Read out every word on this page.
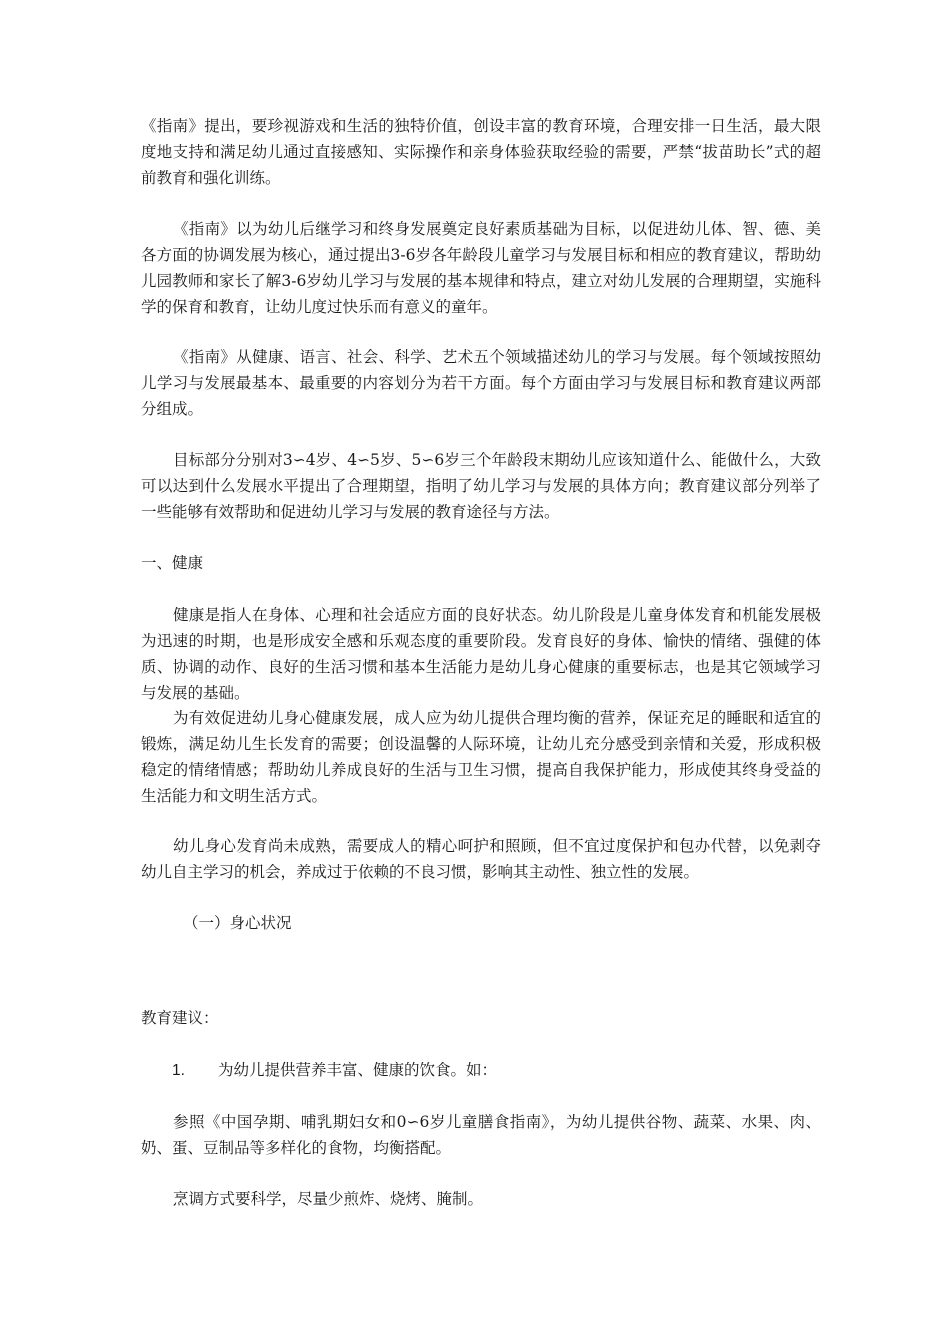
《指南》提出，要珍视游戏和生活的独特价值，创设丰富的教育环境，合理安排一日生活，最大限度地支持和满足幼儿通过直接感知、实际操作和亲身体验获取经验的需要，严禁“拔苗助长”式的超前教育和强化训练。

《指南》以为幼儿后继学习和终身发展奠定良好素质基础为目标，以促进幼儿体、智、德、美各方面的协调发展为核心，通过提出3-6岁各年龄段儿童学习与发展目标和相应的教育建议，帮助幼儿园教师和家长了解3-6岁幼儿学习与发展的基本规律和特点，建立对幼儿发展的合理期望，实施科学的保育和教育，让幼儿度过快乐而有意义的童年。

《指南》从健康、语言、社会、科学、艺术五个领域描述幼儿的学习与发展。每个领域按照幼儿学习与发展最基本、最重要的内容划分为若干方面。每个方面由学习与发展目标和教育建议两部分组成。

目标部分分别对3∽4岁、4∽5岁、5∽6岁三个年龄段末期幼儿应该知道什么、能做什么，大致可以达到什么发展水平提出了合理期望，指明了幼儿学习与发展的具体方向；教育建议部分列举了一些能够有效帮助和促进幼儿学习与发展的教育途径与方法。

一、健康

健康是指人在身体、心理和社会适应方面的良好状态。幼儿阶段是儿童身体发育和机能发展极为迅速的时期，也是形成安全感和乐观态度的重要阶段。发育良好的身体、愉快的情绪、强健的体质、协调的动作、良好的生活习惯和基本生活能力是幼儿身心健康的重要标志，也是其它领域学习与发展的基础。

为有效促进幼儿身心健康发展，成人应为幼儿提供合理均衡的营养，保证充足的睡眠和适宜的锻炼，满足幼儿生长发育的需要；创设温馨的人际环境，让幼儿充分感受到亲情和关爱，形成积极稳定的情绪情感；帮助幼儿养成良好的生活与卫生习惯，提高自我保护能力，形成使其终身受益的生活能力和文明生活方式。

幼儿身心发育尚未成熟，需要成人的精心呵护和照顾，但不宜过度保护和包办代替，以免剥夺幼儿自主学习的机会，养成过于依赖的不良习惯，影响其主动性、独立性的发展。

（一）身心状况

教育建议：

1. 为幼儿提供营养丰富、健康的饮食。如：

参照《中国孕期、哺乳期妇女和0∽6岁儿童膳食指南》，为幼儿提供谷物、蔬菜、水果、肉、奶、蛋、豆制品等多样化的食物，均衡搭配。

烹调方式要科学，尽量少煎炸、烧烤、腌制。
